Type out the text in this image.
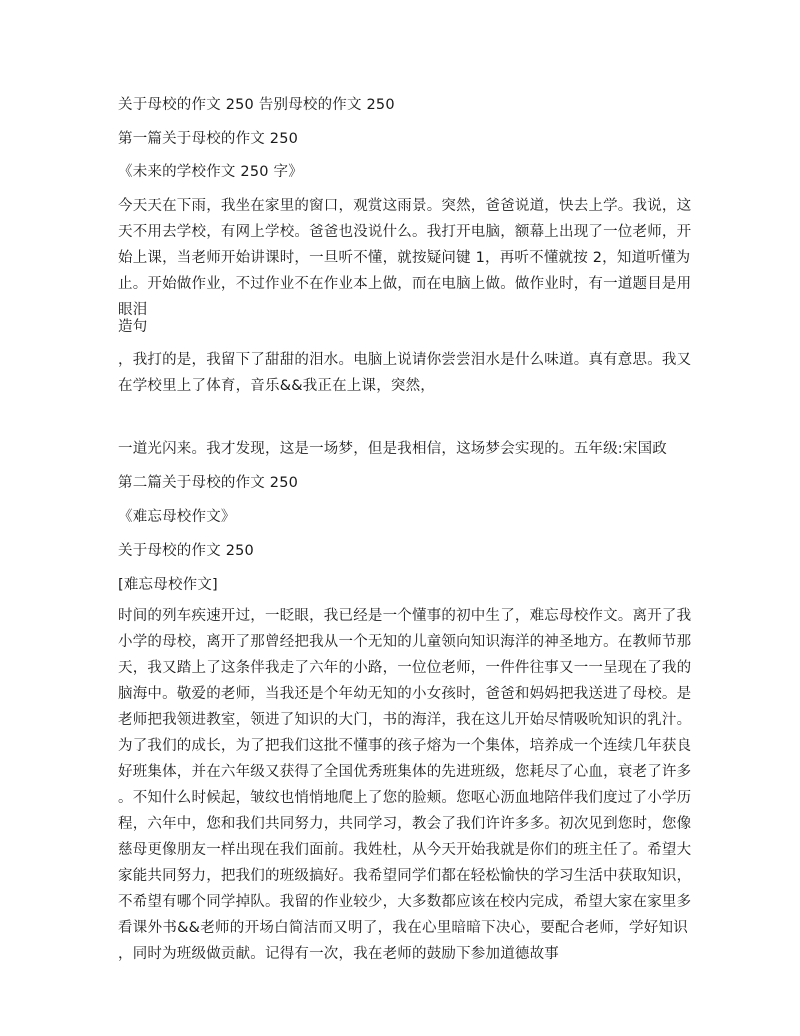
关于母校的作文 250 告别母校的作文 250
第一篇关于母校的作文 250
《未来的学校作文 250 字》
今天天在下雨，我坐在家里的窗口，观赏这雨景。突然，爸爸说道，快去上学。我说，这
天不用去学校，有网上学校。爸爸也没说什么。我打开电脑，额幕上出现了一位老师，开
始上课，当老师开始讲课时，一旦听不懂，就按疑问键 1，再听不懂就按 2，知道听懂为
止。开始做作业，不过作业不在作业本上做，而在电脑上做。做作业时，有一道题目是用
眼泪
造句
，我打的是，我留下了甜甜的泪水。电脑上说请你尝尝泪水是什么味道。真有意思。我又
在学校里上了体育，音乐&&我正在上课，突然，
一道光闪来。我才发现，这是一场梦，但是我相信，这场梦会实现的。五年级:宋国政
第二篇关于母校的作文 250
《难忘母校作文》
关于母校的作文 250
[难忘母校作文]
时间的列车疾速开过，一眨眼，我已经是一个懂事的初中生了，难忘母校作文。离开了我
小学的母校，离开了那曾经把我从一个无知的儿童领向知识海洋的神圣地方。在教师节那
天，我又踏上了这条伴我走了六年的小路，一位位老师，一件件往事又一一呈现在了我的
脑海中。敬爱的老师，当我还是个年幼无知的小女孩时，爸爸和妈妈把我送进了母校。是
老师把我领进教室，领进了知识的大门，书的海洋，我在这儿开始尽情吸吮知识的乳汁。
为了我们的成长，为了把我们这批不懂事的孩子熔为一个集体，培养成一个连续几年获良
好班集体，并在六年级又获得了全国优秀班集体的先进班级，您耗尽了心血，衰老了许多
。不知什么时候起，皱纹也悄悄地爬上了您的脸颊。您呕心沥血地陪伴我们度过了小学历
程，六年中，您和我们共同努力，共同学习，教会了我们许许多多。初次见到您时，您像
慈母更像朋友一样出现在我们面前。我姓杜，从今天开始我就是你们的班主任了。希望大
家能共同努力，把我们的班级搞好。我希望同学们都在轻松愉快的学习生活中获取知识，
不希望有哪个同学掉队。我留的作业较少，大多数都应该在校内完成，希望大家在家里多
看课外书&&老师的开场白简洁而又明了，我在心里暗暗下决心，要配合老师，学好知识
，同时为班级做贡献。记得有一次，我在老师的鼓励下参加道德故事
